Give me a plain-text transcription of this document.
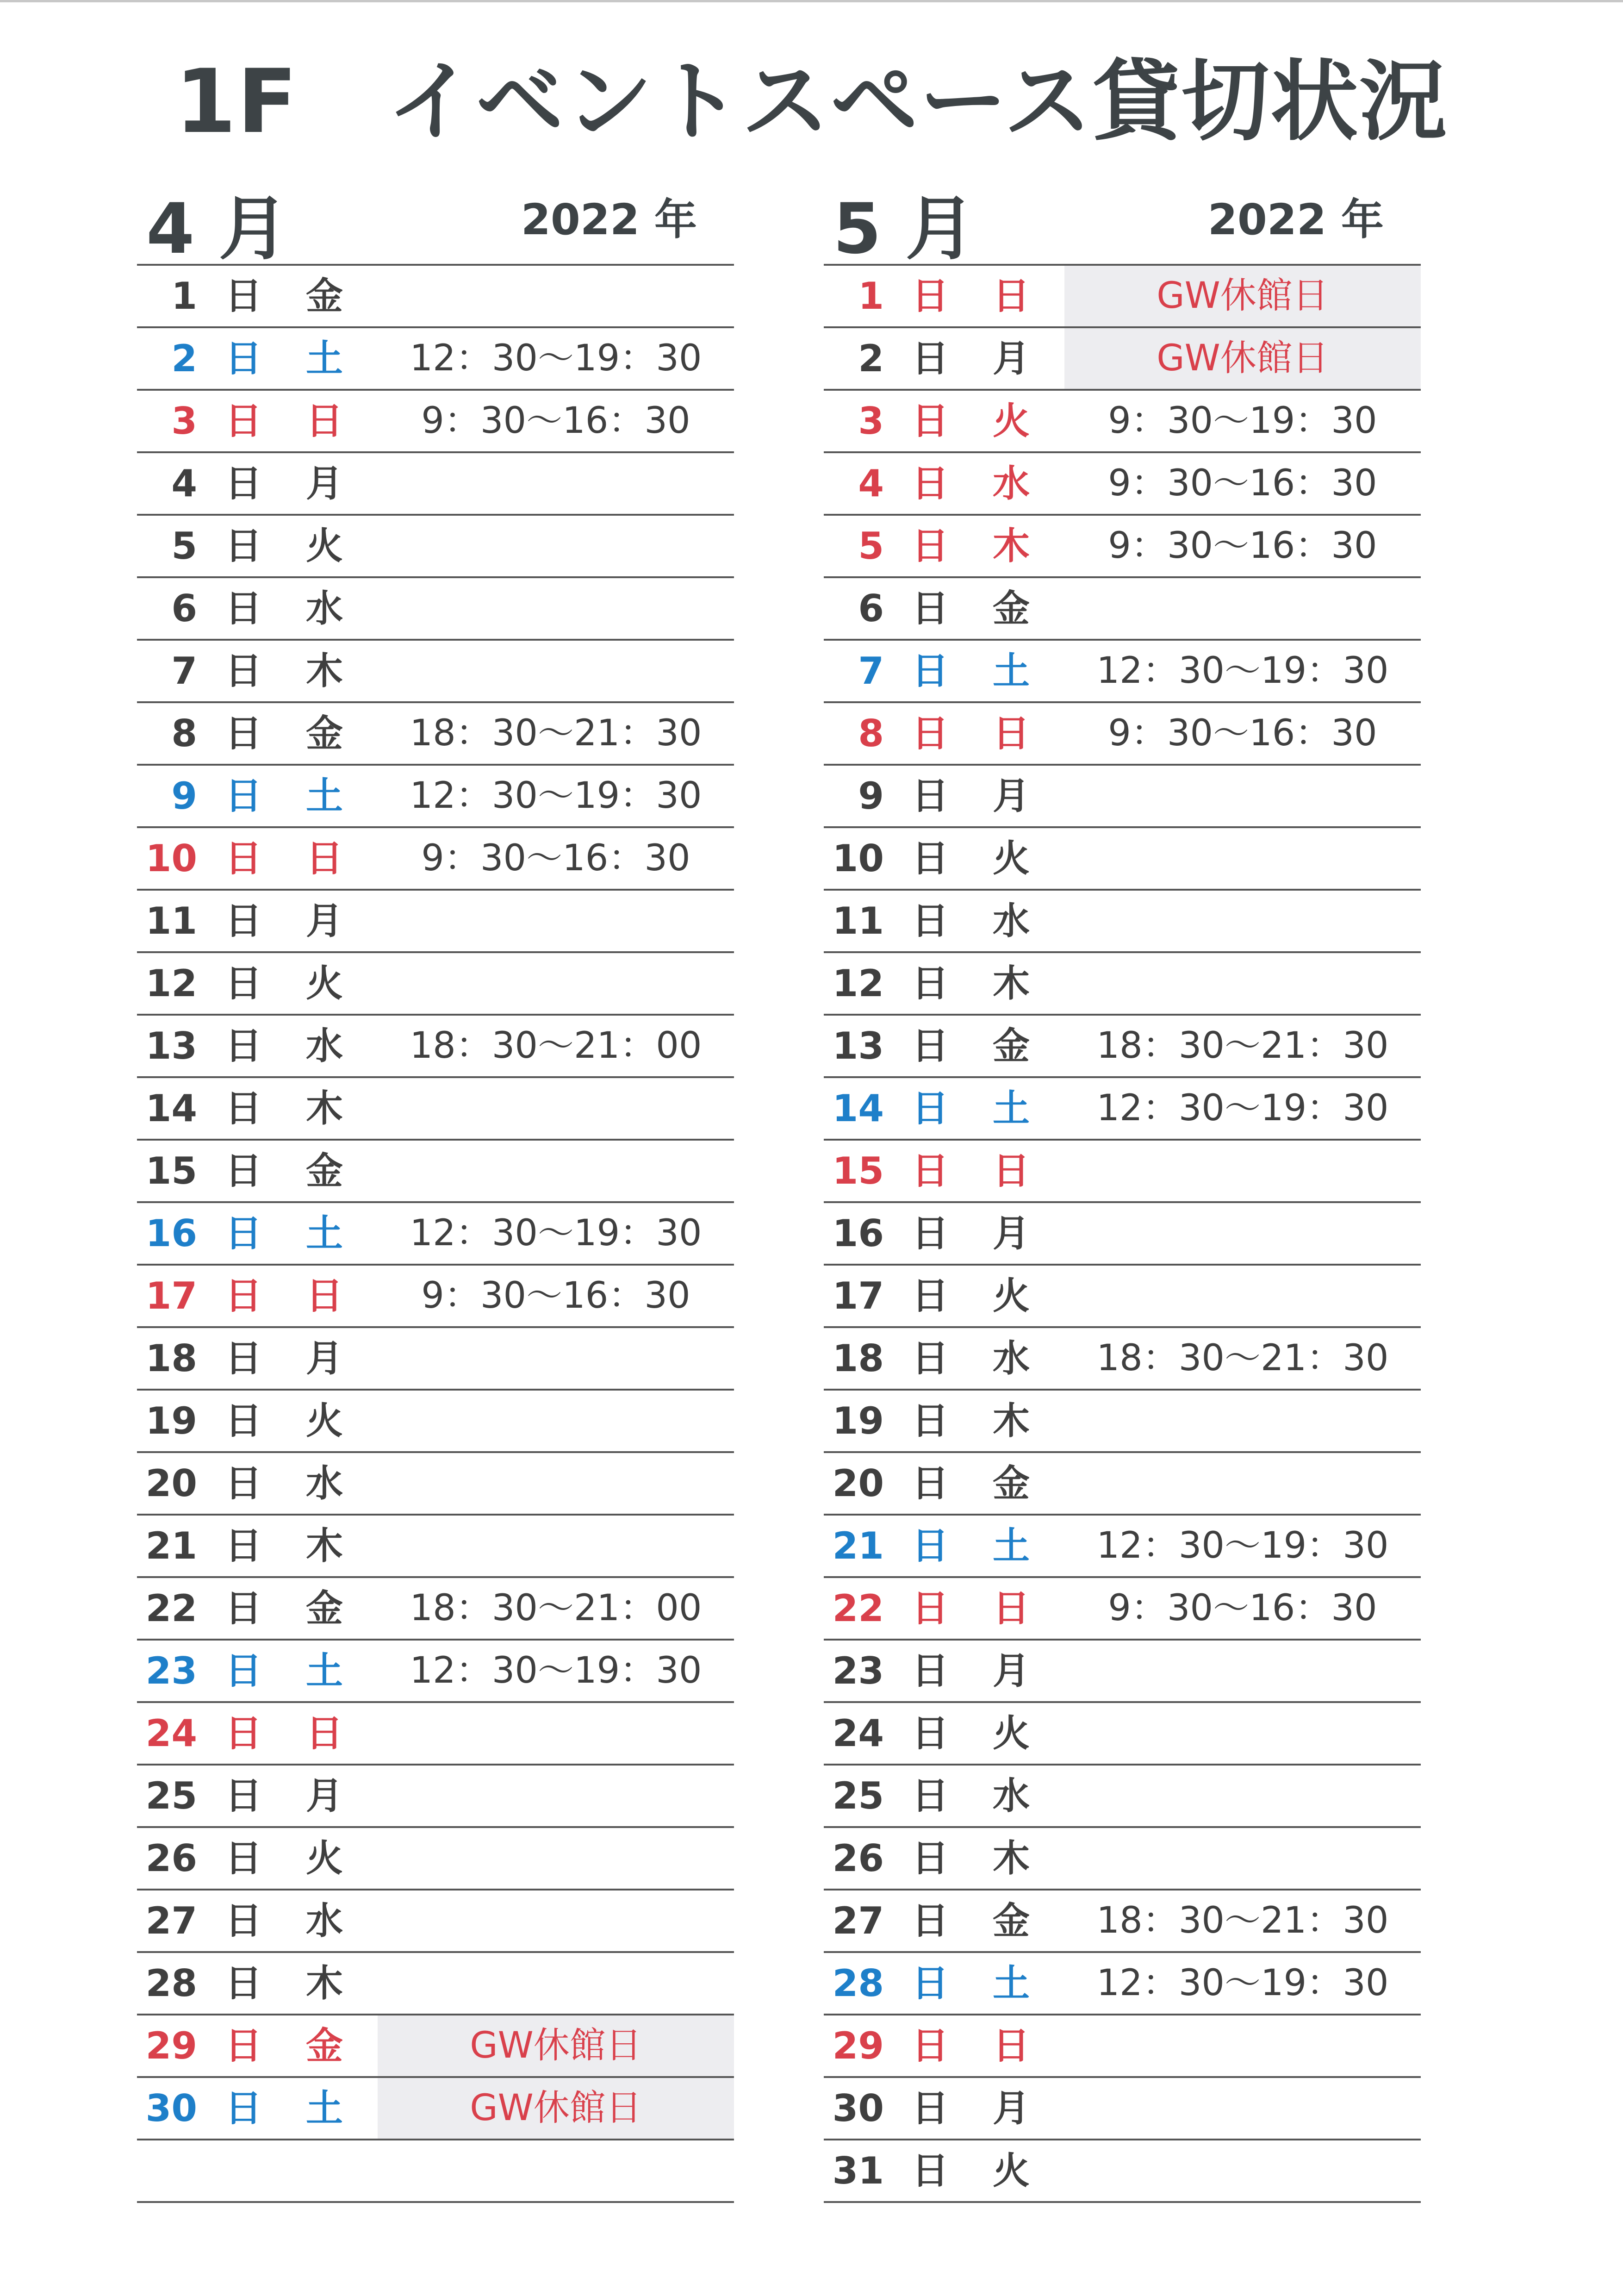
1F　イベントスペース貸切状況
4 月	2022 年
1 日 金
2 日 土	12：30～19：30
3 日 日	9：30～16：30
4 日 月
5 日 火
6 日 水
7 日 木
8 日 金	18：30～21：30
9 日 土	12：30～19：30
10 日 日	9：30～16：30
11 日 月
12 日 火
13 日 水	18：30～21：00
14 日 木
15 日 金
16 日 土	12：30～19：30
17 日 日	9：30～16：30
18 日 月
19 日 火
20 日 水
21 日 木
22 日 金	18：30～21：00
23 日 土	12：30～19：30
24 日 日
25 日 月
26 日 火
27 日 水
28 日 木
29 日 金	GW休館日
30 日 土	GW休館日
5 月	2022 年
1 日 日	GW休館日
2 日 月	GW休館日
3 日 火	9：30～19：30
4 日 水	9：30～16：30
5 日 木	9：30～16：30
6 日 金
7 日 土	12：30～19：30
8 日 日	9：30～16：30
9 日 月
10 日 火
11 日 水
12 日 木
13 日 金	18：30～21：30
14 日 土	12：30～19：30
15 日 日
16 日 月
17 日 火
18 日 水	18：30～21：30
19 日 木
20 日 金
21 日 土	12：30～19：30
22 日 日	9：30～16：30
23 日 月
24 日 火
25 日 水
26 日 木
27 日 金	18：30～21：30
28 日 土	12：30～19：30
29 日 日
30 日 月
31 日 火
